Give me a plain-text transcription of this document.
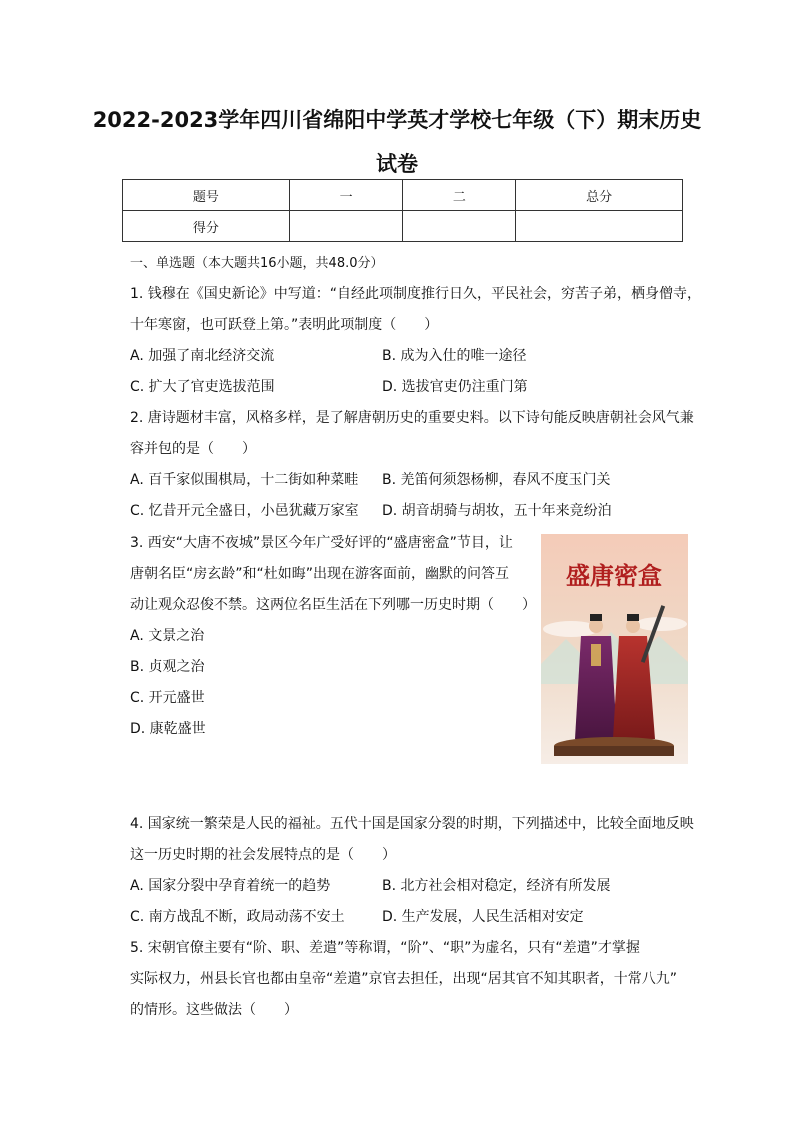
2022-2023学年四川省绵阳中学英才学校七年级（下）期末历史
试卷
题号	一	二	总分
得分			
一、单选题（本大题共16小题，共48.0分）
1. 钱穆在《国史新论》中写道：“自经此项制度推行日久，平民社会，穷苦子弟，栖身僧寺，
十年寒窗，也可跃登上第。”表明此项制度（　　）
A. 加强了南北经济交流	B. 成为入仕的唯一途径
C. 扩大了官吏选拔范围	D. 选拔官吏仍注重门第
2. 唐诗题材丰富，风格多样，是了解唐朝历史的重要史料。以下诗句能反映唐朝社会风气兼
容并包的是（　　）
A. 百千家似围棋局，十二街如种菜畦 B. 羌笛何须怨杨柳，春风不度玉门关
C. 忆昔开元全盛日，小邑犹藏万家室 D. 胡音胡骑与胡妆，五十年来竞纷泊
3. 西安“大唐不夜城”景区今年广受好评的“盛唐密盒”节目，让
唐朝名臣“房玄龄”和“杜如晦”出现在游客面前，幽默的问答互
动让观众忍俊不禁。这两位名臣生活在下列哪一历史时期（　　）
A. 文景之治
B. 贞观之治
C. 开元盛世
D. 康乾盛世
盛唐密盒
4. 国家统一繁荣是人民的福祉。五代十国是国家分裂的时期，下列描述中，比较全面地反映
这一历史时期的社会发展特点的是（　　）
A. 国家分裂中孕育着统一的趋势	B. 北方社会相对稳定，经济有所发展
C. 南方战乱不断，政局动荡不安土	D. 生产发展，人民生活相对安定
5. 宋朝官僚主要有“阶、职、差遣”等称谓，“阶”、“职”为虚名，只有“差遣”才掌握
实际权力，州县长官也都由皇帝“差遣”京官去担任，出现“居其官不知其职者，十常八九”
的情形。这些做法（　　）
